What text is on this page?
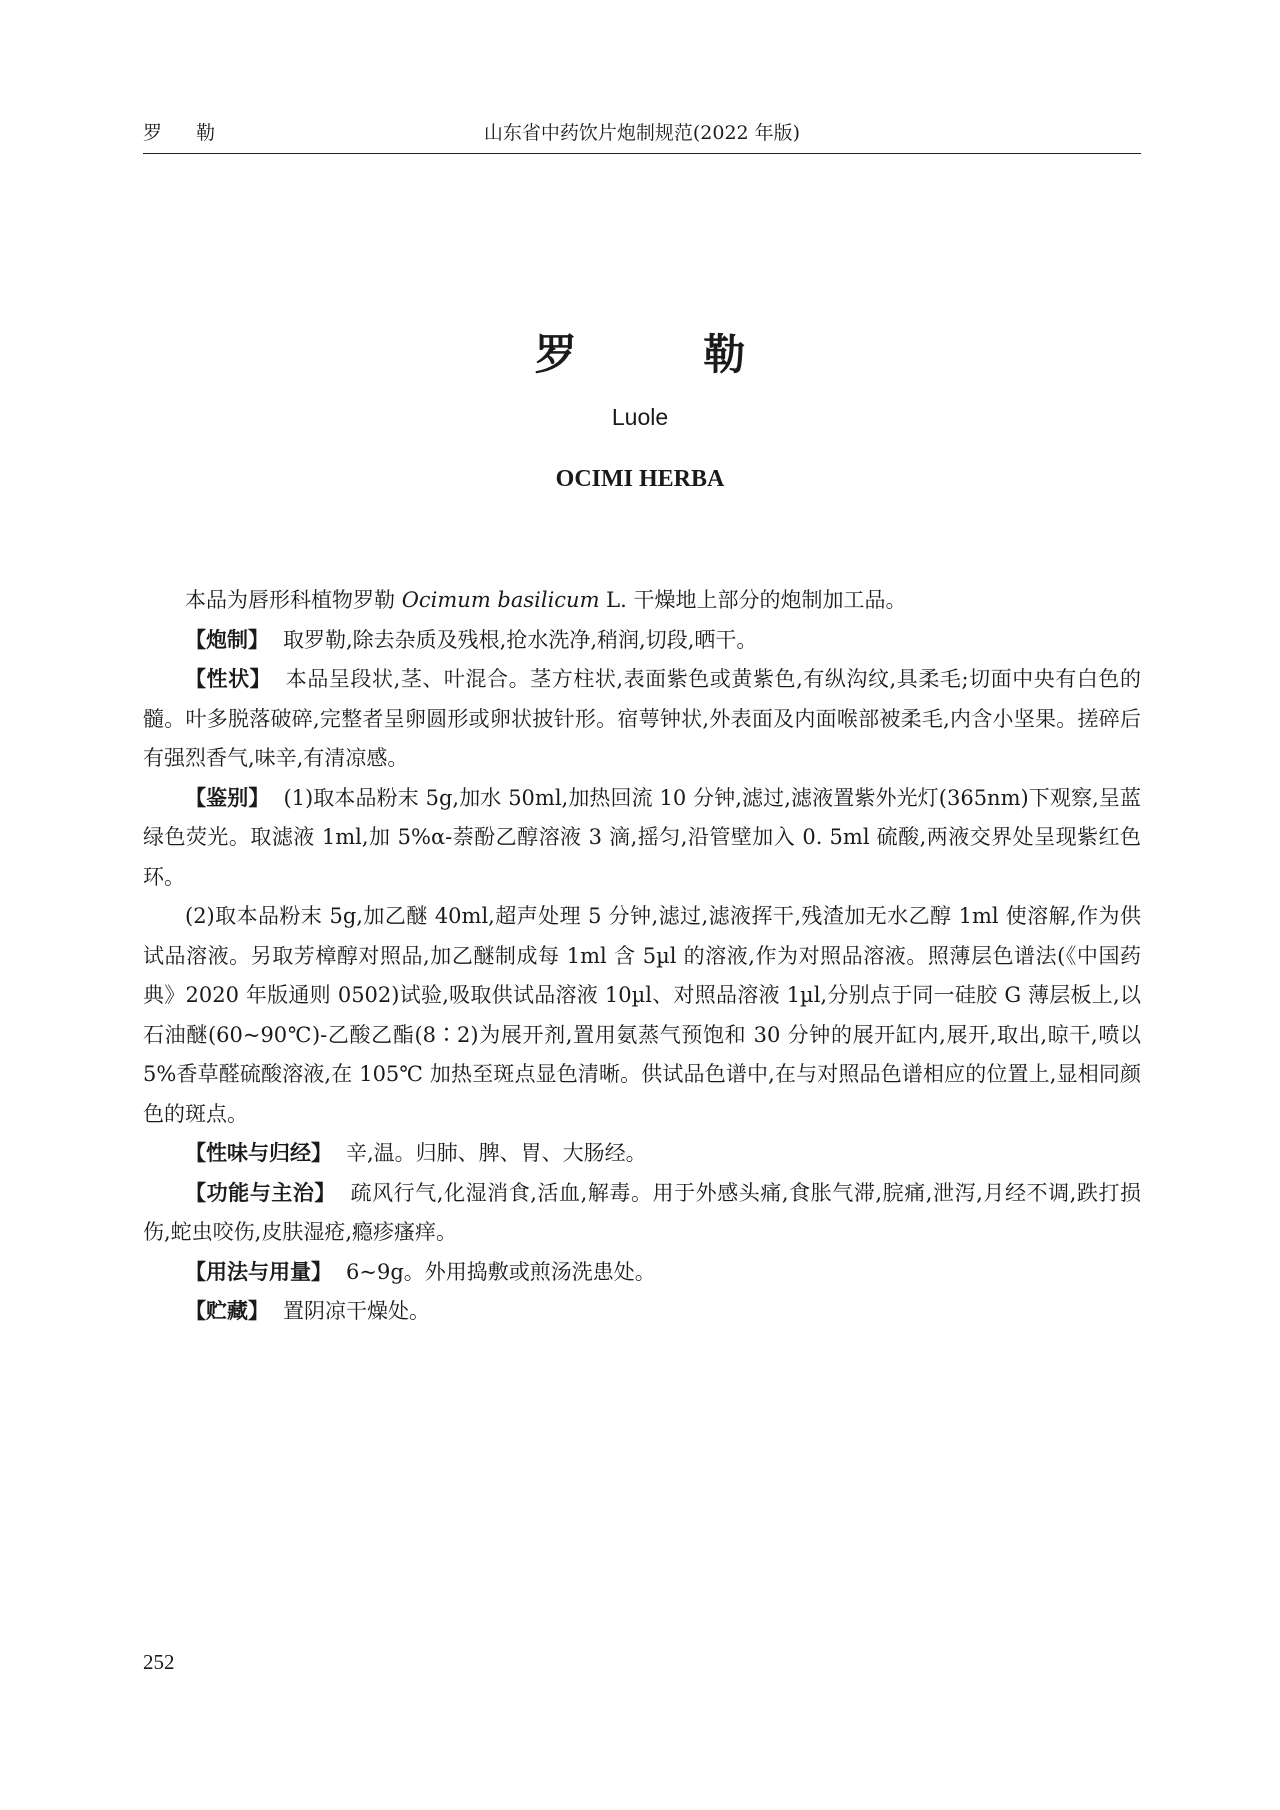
罗 勒	山东省中药饮片炮制规范(2022 年版)
罗 勒
Luole
OCIMI HERBA

本品为唇形科植物罗勒 Ocimum basilicum L. 干燥地上部分的炮制加工品。

【炮制】 取罗勒,除去杂质及残根,抢水洗净,稍润,切段,晒干。

【性状】 本品呈段状,茎、叶混合。茎方柱状,表面紫色或黄紫色,有纵沟纹,具柔毛;切面中央有白色的髓。叶多脱落破碎,完整者呈卵圆形或卵状披针形。宿萼钟状,外表面及内面喉部被柔毛,内含小坚果。搓碎后有强烈香气,味辛,有清凉感。

【鉴别】 (1)取本品粉末 5g,加水 50ml,加热回流 10 分钟,滤过,滤液置紫外光灯(365nm)下观察,呈蓝绿色荧光。取滤液 1ml,加 5%α-萘酚乙醇溶液 3 滴,摇匀,沿管壁加入 0. 5ml 硫酸,两液交界处呈现紫红色环。

(2)取本品粉末 5g,加乙醚 40ml,超声处理 5 分钟,滤过,滤液挥干,残渣加无水乙醇 1ml 使溶解,作为供试品溶液。另取芳樟醇对照品,加乙醚制成每 1ml 含 5µl 的溶液,作为对照品溶液。照薄层色谱法(《中国药典》2020 年版通则 0502)试验,吸取供试品溶液 10µl、对照品溶液 1µl,分别点于同一硅胶 G 薄层板上,以石油醚(60~90℃)-乙酸乙酯(8∶2)为展开剂,置用氨蒸气预饱和 30 分钟的展开缸内,展开,取出,晾干,喷以 5%香草醛硫酸溶液,在 105℃ 加热至斑点显色清晰。供试品色谱中,在与对照品色谱相应的位置上,显相同颜色的斑点。

【性味与归经】 辛,温。归肺、脾、胃、大肠经。

【功能与主治】 疏风行气,化湿消食,活血,解毒。用于外感头痛,食胀气滞,脘痛,泄泻,月经不调,跌打损伤,蛇虫咬伤,皮肤湿疮,瘾疹瘙痒。

【用法与用量】 6~9g。外用捣敷或煎汤洗患处。

【贮藏】 置阴凉干燥处。

252
